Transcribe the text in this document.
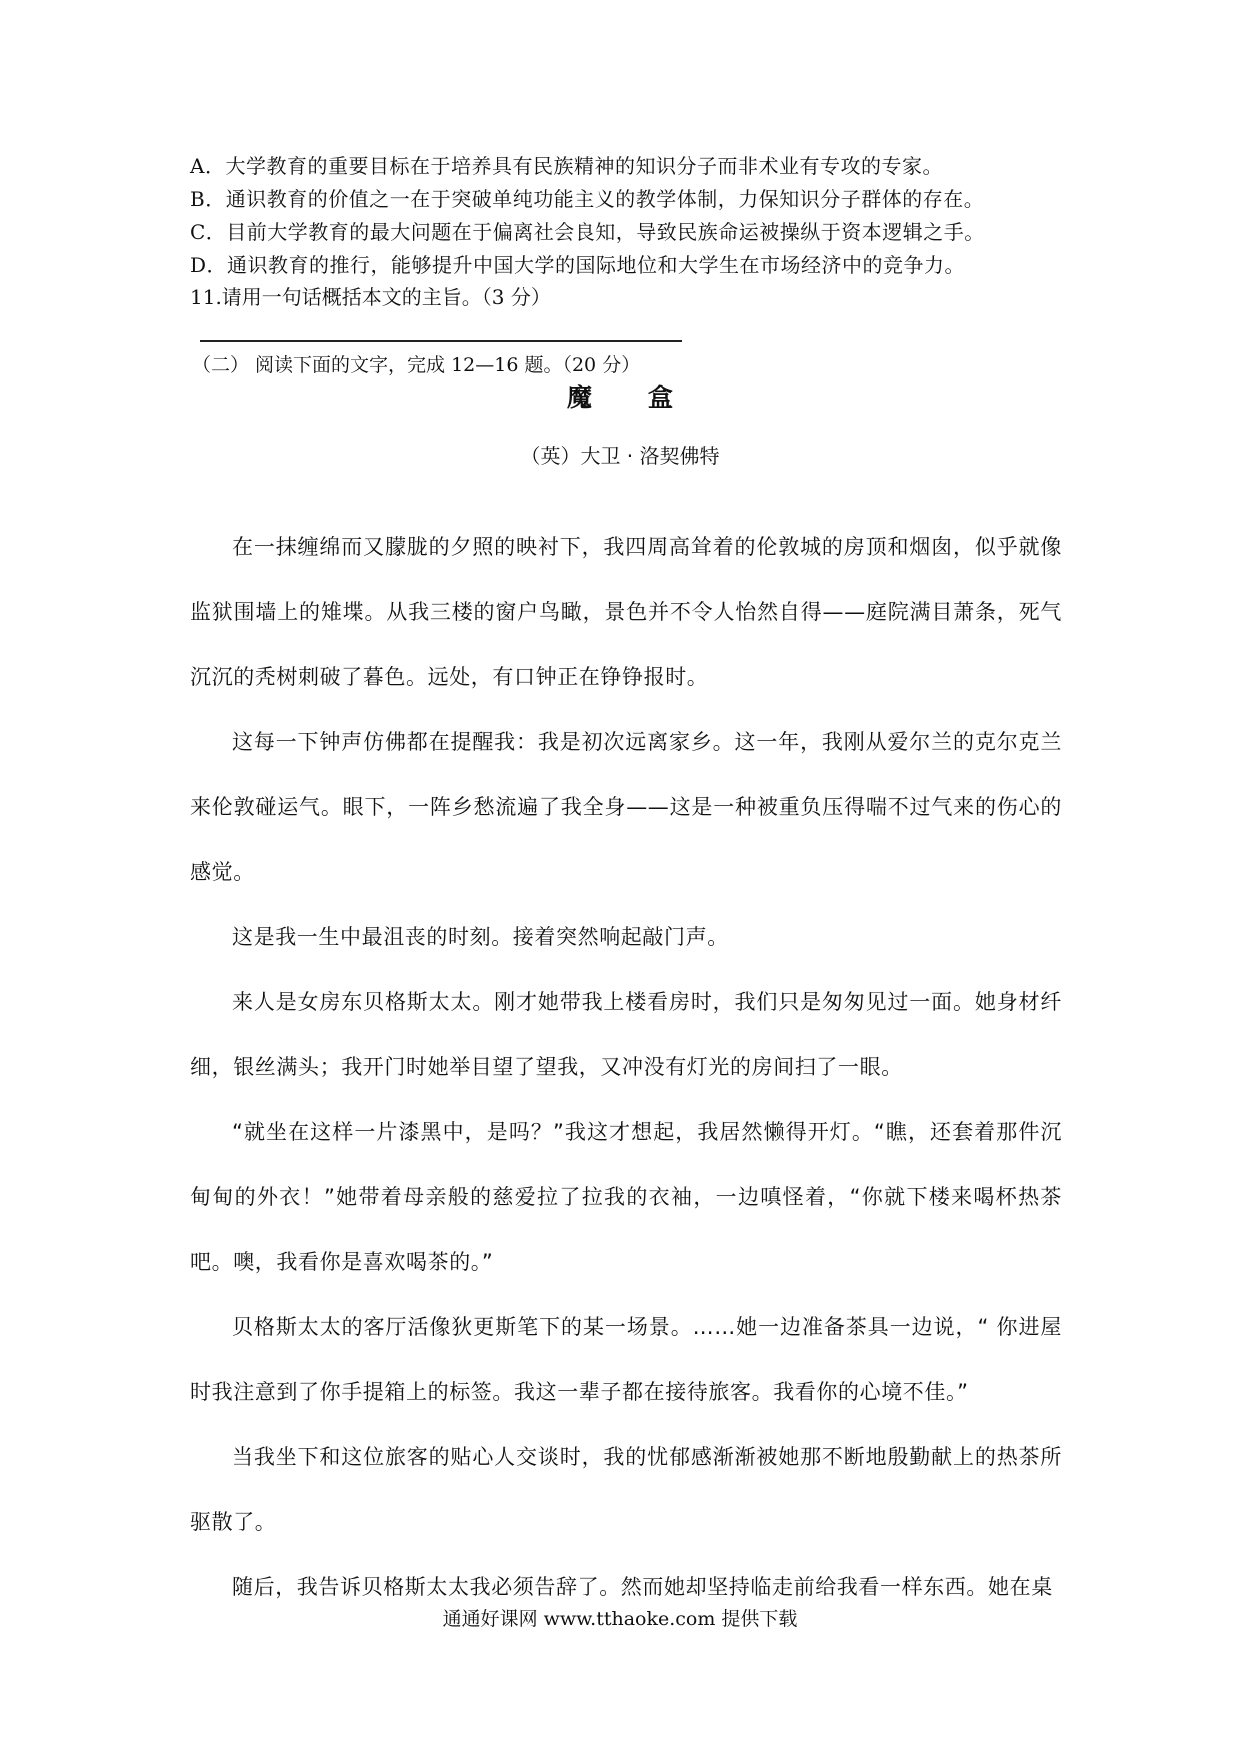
A．大学教育的重要目标在于培养具有民族精神的知识分子而非术业有专攻的专家。

B．通识教育的价值之一在于突破单纯功能主义的教学体制，力保知识分子群体的存在。

C．目前大学教育的最大问题在于偏离社会良知，导致民族命运被操纵于资本逻辑之手。

D．通识教育的推行，能够提升中国大学的国际地位和大学生在市场经济中的竞争力。

11.请用一句话概括本文的主旨。（3 分）
（二） 阅读下面的文字，完成 12—16 题。（20 分）
魔盒
（英）大卫 · 洛契佛特

在一抹缠绵而又朦胧的夕照的映衬下，我四周高耸着的伦敦城的房顶和烟囱，似乎就像监狱围墙上的雉堞。从我三楼的窗户鸟瞰，景色并不令人怡然自得——庭院满目萧条，死气沉沉的秃树刺破了暮色。远处，有口钟正在铮铮报时。

这每一下钟声仿佛都在提醒我：我是初次远离家乡。这一年，我刚从爱尔兰的克尔克兰来伦敦碰运气。眼下，一阵乡愁流遍了我全身——这是一种被重负压得喘不过气来的伤心的感觉。

这是我一生中最沮丧的时刻。接着突然响起敲门声。

来人是女房东贝格斯太太。刚才她带我上楼看房时，我们只是匆匆见过一面。她身材纤细，银丝满头；我开门时她举目望了望我，又冲没有灯光的房间扫了一眼。

“就坐在这样一片漆黑中，是吗？”我这才想起，我居然懒得开灯。“瞧，还套着那件沉甸甸的外衣！”她带着母亲般的慈爱拉了拉我的衣袖，一边嗔怪着，“你就下楼来喝杯热茶吧。噢，我看你是喜欢喝茶的。”

贝格斯太太的客厅活像狄更斯笔下的某一场景。……她一边准备茶具一边说，“ 你进屋时我注意到了你手提箱上的标签。我这一辈子都在接待旅客。我看你的心境不佳。”

当我坐下和这位旅客的贴心人交谈时，我的忧郁感渐渐被她那不断地殷勤献上的热茶所驱散了。

随后，我告诉贝格斯太太我必须告辞了。然而她却坚持临走前给我看一样东西。她在桌

通通好课网 www.tthaoke.com 提供下载
